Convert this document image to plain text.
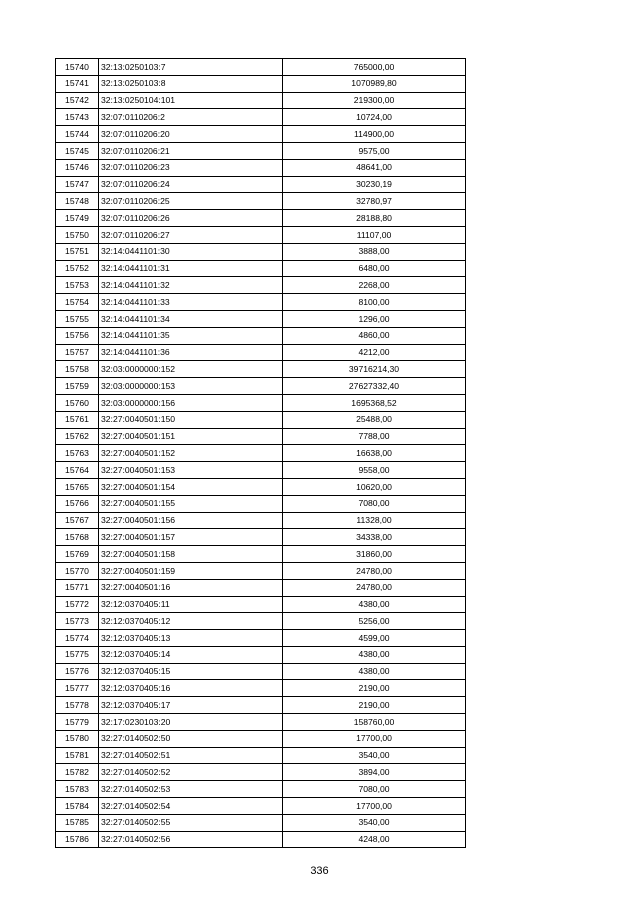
15740	32:13:0250103:7	765000,00
15741	32:13:0250103:8	1070989,80
15742	32:13:0250104:101	219300,00
15743	32:07:0110206:2	10724,00
15744	32:07:0110206:20	114900,00
15745	32:07:0110206:21	9575,00
15746	32:07:0110206:23	48641,00
15747	32:07:0110206:24	30230,19
15748	32:07:0110206:25	32780,97
15749	32:07:0110206:26	28188,80
15750	32:07:0110206:27	11107,00
15751	32:14:0441101:30	3888,00
15752	32:14:0441101:31	6480,00
15753	32:14:0441101:32	2268,00
15754	32:14:0441101:33	8100,00
15755	32:14:0441101:34	1296,00
15756	32:14:0441101:35	4860,00
15757	32:14:0441101:36	4212,00
15758	32:03:0000000:152	39716214,30
15759	32:03:0000000:153	27627332,40
15760	32:03:0000000:156	1695368,52
15761	32:27:0040501:150	25488,00
15762	32:27:0040501:151	7788,00
15763	32:27:0040501:152	16638,00
15764	32:27:0040501:153	9558,00
15765	32:27:0040501:154	10620,00
15766	32:27:0040501:155	7080,00
15767	32:27:0040501:156	11328,00
15768	32:27:0040501:157	34338,00
15769	32:27:0040501:158	31860,00
15770	32:27:0040501:159	24780,00
15771	32:27:0040501:16	24780,00
15772	32:12:0370405:11	4380,00
15773	32:12:0370405:12	5256,00
15774	32:12:0370405:13	4599,00
15775	32:12:0370405:14	4380,00
15776	32:12:0370405:15	4380,00
15777	32:12:0370405:16	2190,00
15778	32:12:0370405:17	2190,00
15779	32:17:0230103:20	158760,00
15780	32:27:0140502:50	17700,00
15781	32:27:0140502:51	3540,00
15782	32:27:0140502:52	3894,00
15783	32:27:0140502:53	7080,00
15784	32:27:0140502:54	17700,00
15785	32:27:0140502:55	3540,00
15786	32:27:0140502:56	4248,00
336
